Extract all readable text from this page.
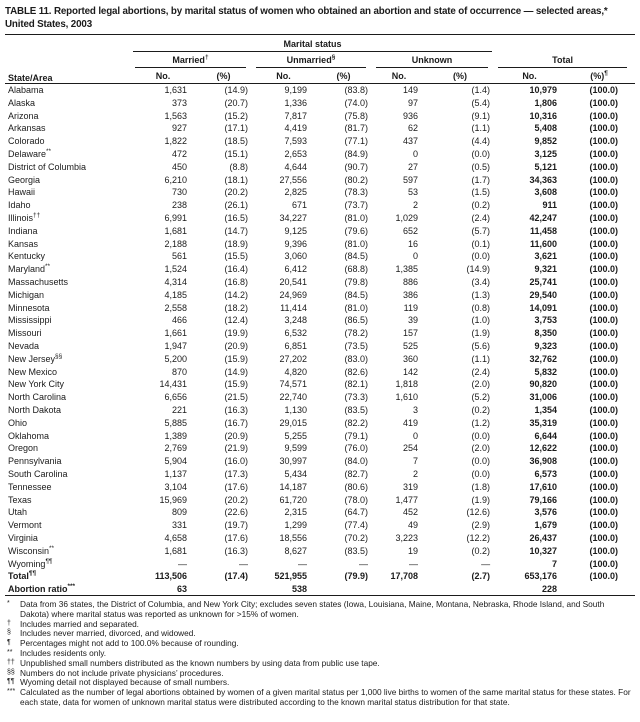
TABLE 11. Reported legal abortions, by marital status of women who obtained an abortion and state of occurrence — selected areas,* United States, 2003
State/Area	Marital status							

	Married†		Unmarried§		Unknown		Total	

	No.	(%)	No.	(%)	No.	(%)	No.	(%)¶
Alabama	1,631	(14.9)	9,199	(83.8)	149	(1.4)	10,979	(100.0)
Alaska	373	(20.7)	1,336	(74.0)	97	(5.4)	1,806	(100.0)
Arizona	1,563	(15.2)	7,817	(75.8)	936	(9.1)	10,316	(100.0)
Arkansas	927	(17.1)	4,419	(81.7)	62	(1.1)	5,408	(100.0)
Colorado	1,822	(18.5)	7,593	(77.1)	437	(4.4)	9,852	(100.0)
Delaware**	472	(15.1)	2,653	(84.9)	0	(0.0)	3,125	(100.0)
District of Columbia	450	(8.8)	4,644	(90.7)	27	(0.5)	5,121	(100.0)
Georgia	6,210	(18.1)	27,556	(80.2)	597	(1.7)	34,363	(100.0)
Hawaii	730	(20.2)	2,825	(78.3)	53	(1.5)	3,608	(100.0)
Idaho	238	(26.1)	671	(73.7)	2	(0.2)	911	(100.0)
Illinois††	6,991	(16.5)	34,227	(81.0)	1,029	(2.4)	42,247	(100.0)
Indiana	1,681	(14.7)	9,125	(79.6)	652	(5.7)	11,458	(100.0)
Kansas	2,188	(18.9)	9,396	(81.0)	16	(0.1)	11,600	(100.0)
Kentucky	561	(15.5)	3,060	(84.5)	0	(0.0)	3,621	(100.0)
Maryland**	1,524	(16.4)	6,412	(68.8)	1,385	(14.9)	9,321	(100.0)
Massachusetts	4,314	(16.8)	20,541	(79.8)	886	(3.4)	25,741	(100.0)
Michigan	4,185	(14.2)	24,969	(84.5)	386	(1.3)	29,540	(100.0)
Minnesota	2,558	(18.2)	11,414	(81.0)	119	(0.8)	14,091	(100.0)
Mississippi	466	(12.4)	3,248	(86.5)	39	(1.0)	3,753	(100.0)
Missouri	1,661	(19.9)	6,532	(78.2)	157	(1.9)	8,350	(100.0)
Nevada	1,947	(20.9)	6,851	(73.5)	525	(5.6)	9,323	(100.0)
New Jersey§§	5,200	(15.9)	27,202	(83.0)	360	(1.1)	32,762	(100.0)
New Mexico	870	(14.9)	4,820	(82.6)	142	(2.4)	5,832	(100.0)
New York City	14,431	(15.9)	74,571	(82.1)	1,818	(2.0)	90,820	(100.0)
North Carolina	6,656	(21.5)	22,740	(73.3)	1,610	(5.2)	31,006	(100.0)
North Dakota	221	(16.3)	1,130	(83.5)	3	(0.2)	1,354	(100.0)
Ohio	5,885	(16.7)	29,015	(82.2)	419	(1.2)	35,319	(100.0)
Oklahoma	1,389	(20.9)	5,255	(79.1)	0	(0.0)	6,644	(100.0)
Oregon	2,769	(21.9)	9,599	(76.0)	254	(2.0)	12,622	(100.0)
Pennsylvania	5,904	(16.0)	30,997	(84.0)	7	(0.0)	36,908	(100.0)
South Carolina	1,137	(17.3)	5,434	(82.7)	2	(0.0)	6,573	(100.0)
Tennessee	3,104	(17.6)	14,187	(80.6)	319	(1.8)	17,610	(100.0)
Texas	15,969	(20.2)	61,720	(78.0)	1,477	(1.9)	79,166	(100.0)
Utah	809	(22.6)	2,315	(64.7)	452	(12.6)	3,576	(100.0)
Vermont	331	(19.7)	1,299	(77.4)	49	(2.9)	1,679	(100.0)
Virginia	4,658	(17.6)	18,556	(70.2)	3,223	(12.2)	26,437	(100.0)
Wisconsin**	1,681	(16.3)	8,627	(83.5)	19	(0.2)	10,327	(100.0)
Wyoming¶¶	—	—	—	—	—	—	7	(100.0)
Total¶¶	113,506	(17.4)	521,955	(79.9)	17,708	(2.7)	653,176	(100.0)
Abortion ratio***	63		538				228	
* Data from 36 states, the District of Columbia, and New York City; excludes seven states (Iowa, Louisiana, Maine, Montana, Nebraska, Rhode Island, and South Dakota) where marital status was reported as unknown for >15% of women.
† Includes married and separated.
§ Includes never married, divorced, and widowed.
¶ Percentages might not add to 100.0% because of rounding.
** Includes residents only.
†† Unpublished small numbers distributed as the known numbers by using data from public use tape.
§§ Numbers do not include private physicians’ procedures.
¶¶ Wyoming detail not displayed because of small numbers.
*** Calculated as the number of legal abortions obtained by women of a given marital status per 1,000 live births to women of the same marital status for these states. For each state, data for women of unknown marital status were distributed according to the known marital status distribution for that state.
